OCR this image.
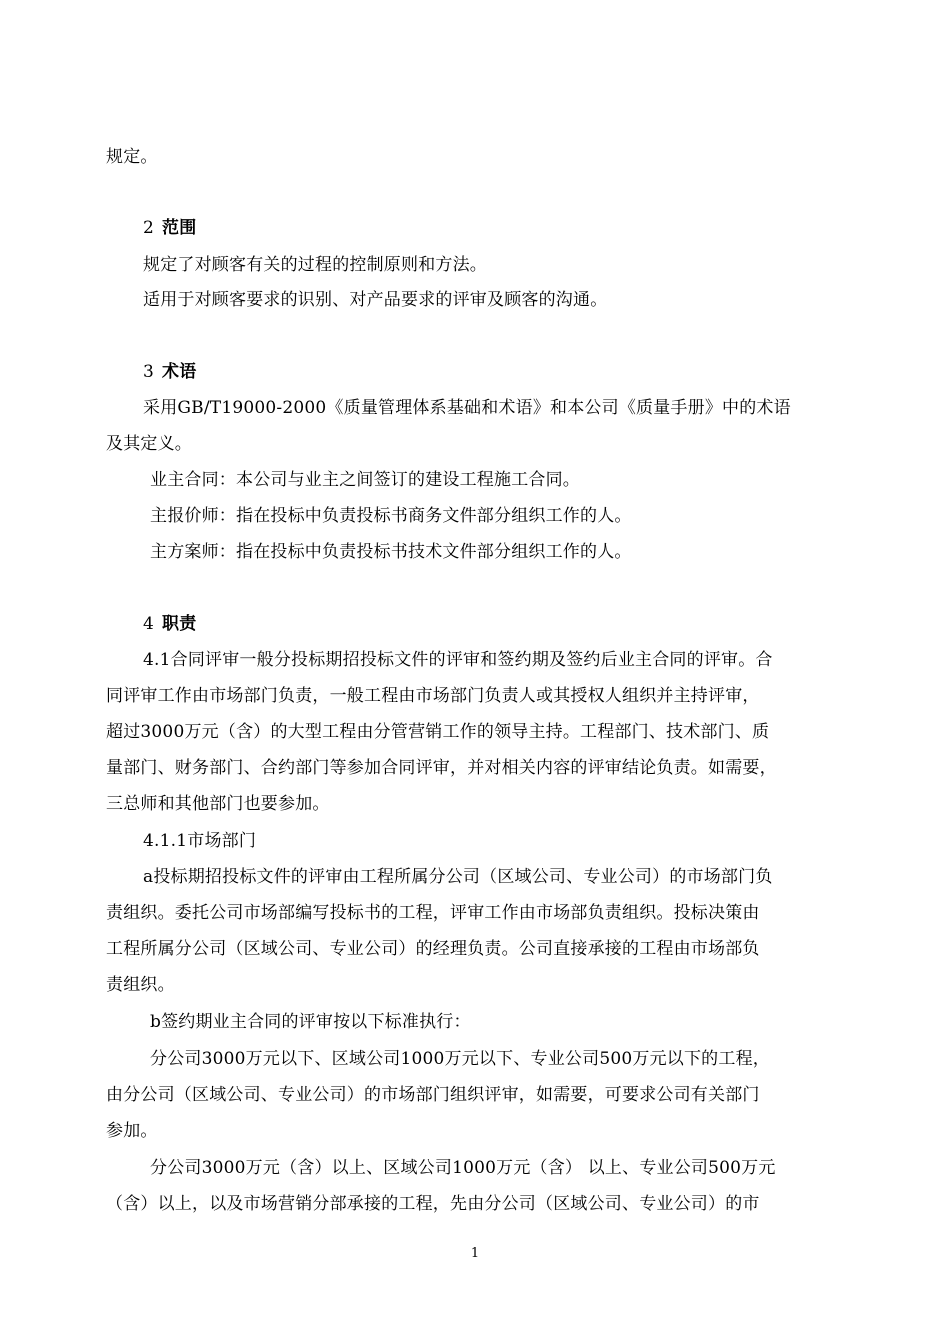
规定。
2 范围
规定了对顾客有关的过程的控制原则和方法。
适用于对顾客要求的识别、对产品要求的评审及顾客的沟通。
3 术语
采用GB/T19000-2000《质量管理体系基础和术语》和本公司《质量手册》中的术语
及其定义。
业主合同：本公司与业主之间签订的建设工程施工合同。
主报价师：指在投标中负责投标书商务文件部分组织工作的人。
主方案师：指在投标中负责投标书技术文件部分组织工作的人。
4 职责
4.1合同评审一般分投标期招投标文件的评审和签约期及签约后业主合同的评审。合
同评审工作由市场部门负责，一般工程由市场部门负责人或其授权人组织并主持评审，
超过3000万元（含）的大型工程由分管营销工作的领导主持。工程部门、技术部门、质
量部门、财务部门、合约部门等参加合同评审，并对相关内容的评审结论负责。如需要，
三总师和其他部门也要参加。
4.1.1市场部门
a投标期招投标文件的评审由工程所属分公司（区域公司、专业公司）的市场部门负
责组织。委托公司市场部编写投标书的工程，评审工作由市场部负责组织。投标决策由
工程所属分公司（区域公司、专业公司）的经理负责。公司直接承接的工程由市场部负
责组织。
b签约期业主合同的评审按以下标准执行：
分公司3000万元以下、区域公司1000万元以下、专业公司500万元以下的工程，
由分公司（区域公司、专业公司）的市场部门组织评审，如需要，可要求公司有关部门
参加。
分公司3000万元（含）以上、区域公司1000万元（含） 以上、专业公司500万元
（含）以上，以及市场营销分部承接的工程，先由分公司（区域公司、专业公司）的市
1
